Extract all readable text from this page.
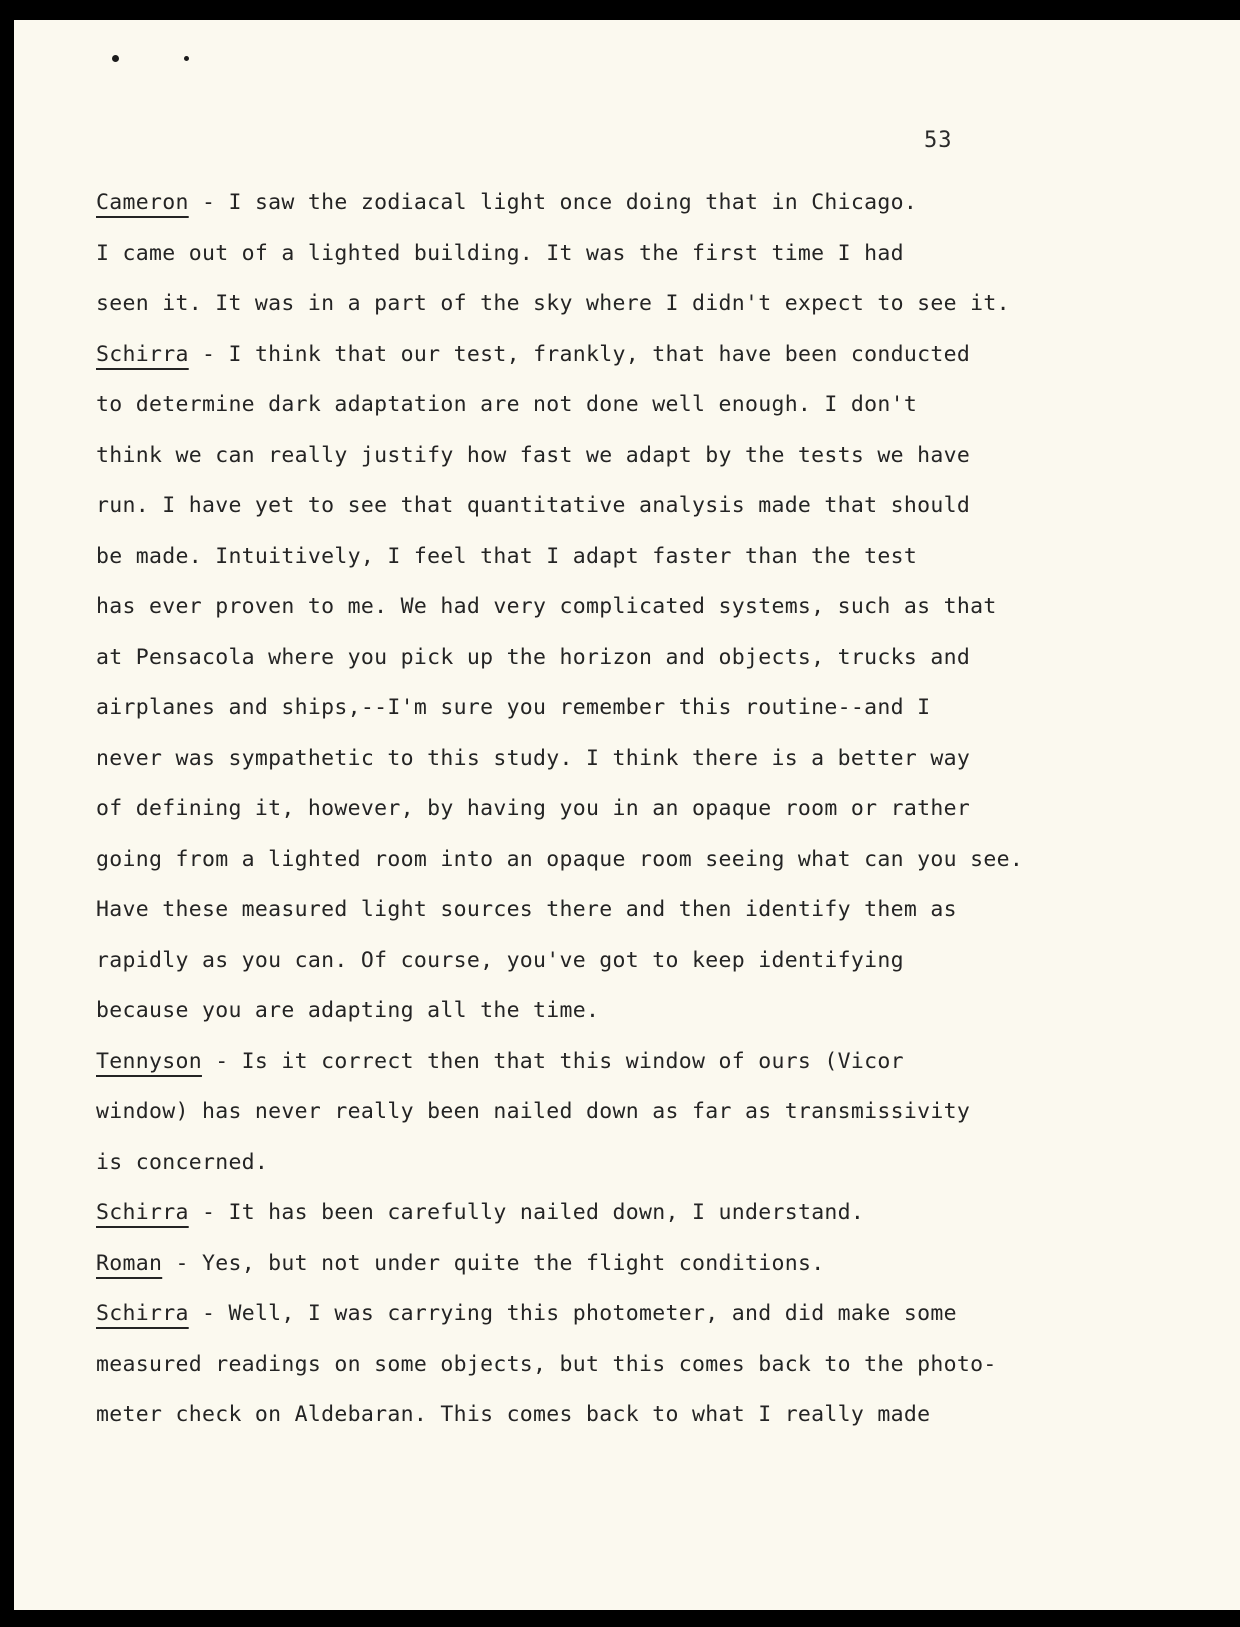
53
Cameron - I saw the zodiacal light once doing that in Chicago.
I came out of a lighted building. It was the first time I had
seen it. It was in a part of the sky where I didn't expect to see it.
Schirra - I think that our test, frankly, that have been conducted
to determine dark adaptation are not done well enough. I don't
think we can really justify how fast we adapt by the tests we have
run. I have yet to see that quantitative analysis made that should
be made. Intuitively, I feel that I adapt faster than the test
has ever proven to me. We had very complicated systems, such as that
at Pensacola where you pick up the horizon and objects, trucks and
airplanes and ships,--I'm sure you remember this routine--and I
never was sympathetic to this study. I think there is a better way
of defining it, however, by having you in an opaque room or rather
going from a lighted room into an opaque room seeing what can you see.
Have these measured light sources there and then identify them as
rapidly as you can. Of course, you've got to keep identifying
because you are adapting all the time.
Tennyson - Is it correct then that this window of ours (Vicor
window) has never really been nailed down as far as transmissivity
is concerned.
Schirra - It has been carefully nailed down, I understand.
Roman - Yes, but not under quite the flight conditions.
Schirra - Well, I was carrying this photometer, and did make some
measured readings on some objects, but this comes back to the photo-
meter check on Aldebaran. This comes back to what I really made
